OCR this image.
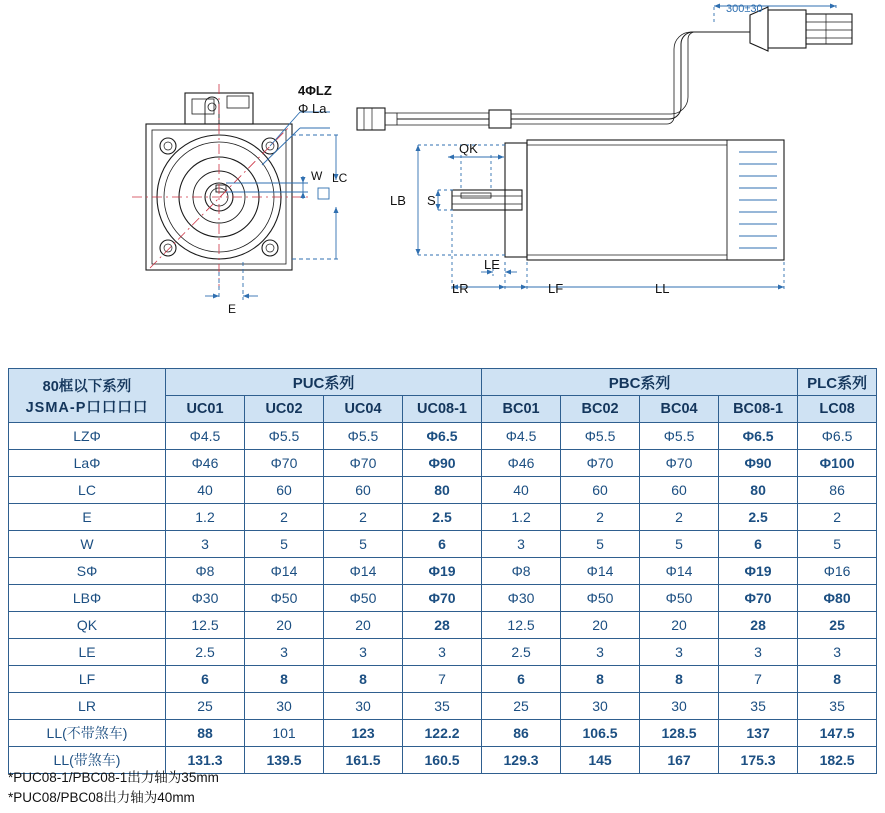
4ΦLZ
Φ La
W LC
E
QK
LB S
LE
LR	LF	LL
300±30
80框以下系列
JSMA-P口口口口	PUC系列				PBC系列				PLC系列
	UC01	UC02	UC04	UC08-1	BC01	BC02	BC04	BC08-1	LC08
LZΦ	Φ4.5	Φ5.5	Φ5.5	Φ6.5	Φ4.5	Φ5.5	Φ5.5	Φ6.5	Φ6.5
LaΦ	Φ46	Φ70	Φ70	Φ90	Φ46	Φ70	Φ70	Φ90	Φ100
LC	40	60	60	80	40	60	60	80	86
E	1.2	2	2	2.5	1.2	2	2	2.5	2
W	3	5	5	6	3	5	5	6	5
SΦ	Φ8	Φ14	Φ14	Φ19	Φ8	Φ14	Φ14	Φ19	Φ16
LBΦ	Φ30	Φ50	Φ50	Φ70	Φ30	Φ50	Φ50	Φ70	Φ80
QK	12.5	20	20	28	12.5	20	20	28	25
LE	2.5	3	3	3	2.5	3	3	3	3
LF	6	8	8	7	6	8	8	7	8
LR	25	30	30	35	25	30	30	35	35
LL(不带煞车)	88	101	123	122.2	86	106.5	128.5	137	147.5
LL(带煞车)	131.3	139.5	161.5	160.5	129.3	145	167	175.3	182.5
*PUC08-1/PBC08-1出力轴为35mm
*PUC08/PBC08出力轴为40mm
